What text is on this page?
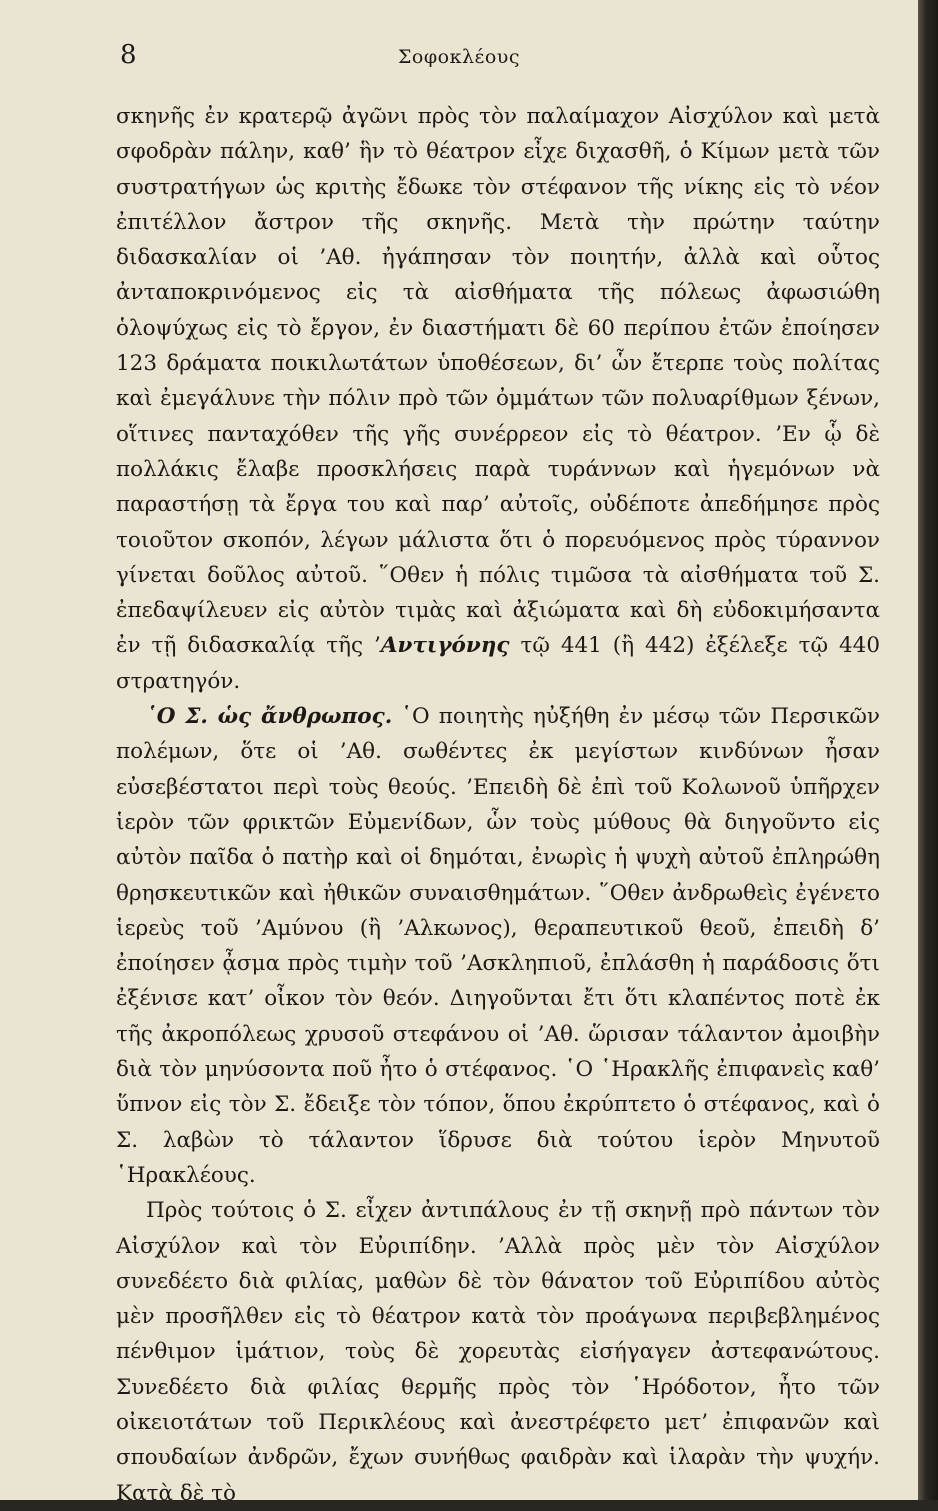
8	Σοφοκλέους

σκηνῆς ἐν κρατερῷ ἀγῶνι πρὸς τὸν παλαίμαχον Αἰσχύλον καὶ μετὰ σφοδρὰν πάλην, καθ’ ἣν τὸ θέατρον εἶχε διχασθῆ, ὁ Κίμων μετὰ τῶν συστρατήγων ὡς κριτὴς ἔδωκε τὸν στέφανον τῆς νίκης εἰς τὸ νέον ἐπιτέλλον ἄστρον τῆς σκηνῆς. Μετὰ τὴν πρώτην ταύτην διδασκαλίαν οἱ ’Αθ. ἠγάπησαν τὸν ποιητήν, ἀλλὰ καὶ οὗτος ἀνταποκρινόμενος εἰς τὰ αἰσθήματα τῆς πόλεως ἀφωσιώθη ὁλοψύχως εἰς τὸ ἔργον, ἐν διαστήματι δὲ 60 περίπου ἐτῶν ἐποίησεν 123 δράματα ποικιλωτάτων ὑποθέσεων, δι’ ὧν ἔτερπε τοὺς πολίτας καὶ ἐμεγάλυνε τὴν πόλιν πρὸ τῶν ὀμμάτων τῶν πολυαρίθμων ξένων, οἵτινες πανταχόθεν τῆς γῆς συνέρρεον εἰς τὸ θέατρον. ’Εν ᾧ δὲ πολλάκις ἔλαβε προσκλήσεις παρὰ τυράννων καὶ ἡγεμόνων νὰ παραστήσῃ τὰ ἔργα του καὶ παρ’ αὐτοῖς, οὐδέποτε ἀπεδήμησε πρὸς τοιοῦτον σκοπόν, λέγων μάλιστα ὅτι ὁ πορευόμενος πρὸς τύραννον γίνεται δοῦλος αὐτοῦ. ῞Οθεν ἡ πόλις τιμῶσα τὰ αἰσθήματα τοῦ Σ. ἐπεδαψίλευεν εἰς αὐτὸν τιμὰς καὶ ἀξιώματα καὶ δὴ εὐδοκιμήσαντα ἐν τῇ διδασκαλίᾳ τῆς ’Αντιγόνης τῷ 441 (ἢ 442) ἐξέλεξε τῷ 440 στρατηγόν.

῾Ο Σ. ὡς ἄνθρωπος. ῾Ο ποιητὴς ηὐξήθη ἐν μέσῳ τῶν Περσικῶν πολέμων, ὅτε οἱ ’Αθ. σωθέντες ἐκ μεγίστων κινδύνων ἦσαν εὐσεβέστατοι περὶ τοὺς θεούς. ’Επειδὴ δὲ ἐπὶ τοῦ Κολωνοῦ ὑπῆρχεν ἱερὸν τῶν φρικτῶν Εὐμενίδων, ὧν τοὺς μύθους θὰ διηγοῦντο εἰς αὐτὸν παῖδα ὁ πατὴρ καὶ οἱ δημόται, ἐνωρὶς ἡ ψυχὴ αὐτοῦ ἐπληρώθη θρησκευτικῶν καὶ ἠθικῶν συναισθημάτων. ῞Οθεν ἀνδρωθεὶς ἐγένετο ἱερεὺς τοῦ ’Αμύνου (ἢ ’Αλκωνος), θεραπευτικοῦ θεοῦ, ἐπειδὴ δ’ ἐποίησεν ᾆσμα πρὸς τιμὴν τοῦ ’Ασκληπιοῦ, ἐπλάσθη ἡ παράδοσις ὅτι ἐξένισε κατ’ οἶκον τὸν θεόν. Διηγοῦνται ἔτι ὅτι κλαπέντος ποτὲ ἐκ τῆς ἀκροπόλεως χρυσοῦ στεφάνου οἱ ’Αθ. ὥρισαν τάλαντον ἀμοιβὴν διὰ τὸν μηνύσοντα ποῦ ἦτο ὁ στέφανος. ῾Ο ῾Ηρακλῆς ἐπιφανεὶς καθ’ ὕπνον εἰς τὸν Σ. ἔδειξε τὸν τόπον, ὅπου ἐκρύπτετο ὁ στέφανος, καὶ ὁ Σ. λαβὼν τὸ τάλαντον ἵδρυσε διὰ τούτου ἱερὸν Μηνυτοῦ ῾Ηρακλέους.

Πρὸς τούτοις ὁ Σ. εἶχεν ἀντιπάλους ἐν τῇ σκηνῇ πρὸ πάντων τὸν Αἰσχύλον καὶ τὸν Εὐριπίδην. ’Αλλὰ πρὸς μὲν τὸν Αἰσχύλον συνεδέετο διὰ φιλίας, μαθὼν δὲ τὸν θάνατον τοῦ Εὐριπίδου αὐτὸς μὲν προσῆλθεν εἰς τὸ θέατρον κατὰ τὸν προάγωνα περιβεβλημένος πένθιμον ἱμάτιον, τοὺς δὲ χορευτὰς εἰσήγαγεν ἀστεφανώτους. Συνεδέετο διὰ φιλίας θερμῆς πρὸς τὸν ῾Ηρόδοτον, ἦτο τῶν οἰκειοτάτων τοῦ Περικλέους καὶ ἀνεστρέφετο μετ’ ἐπιφανῶν καὶ σπουδαίων ἀνδρῶν, ἔχων συνήθως φαιδρὰν καὶ ἱλαρὰν τὴν ψυχήν. Κατὰ δὲ τὸ
